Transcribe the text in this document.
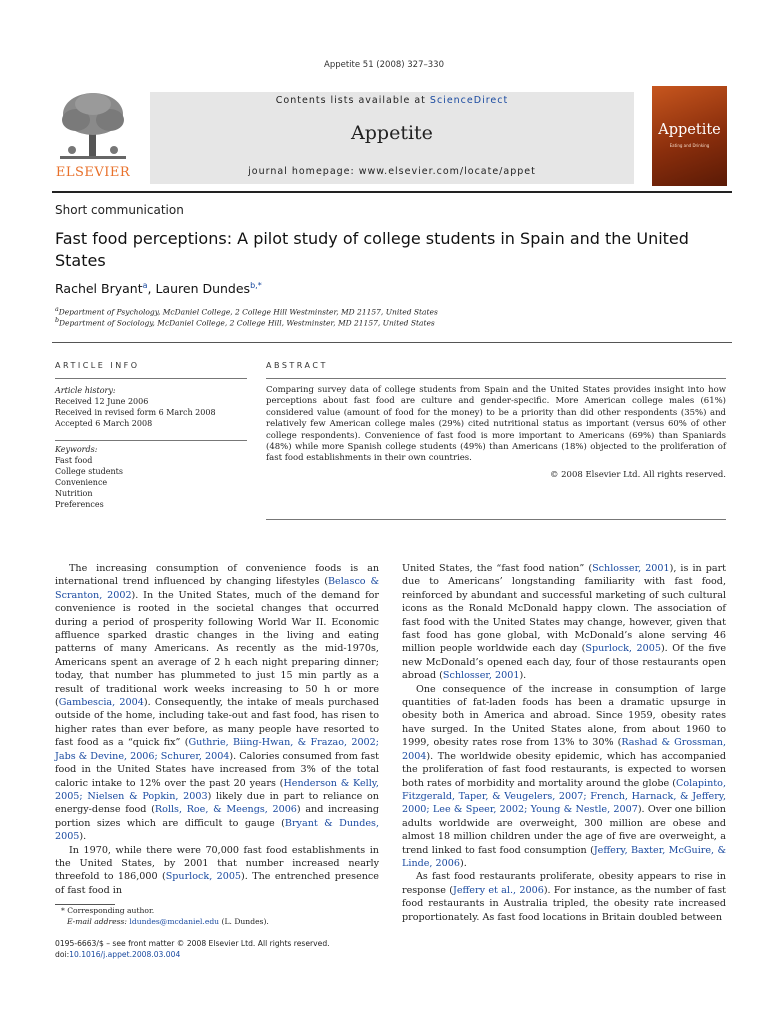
Appetite 51 (2008) 327–330
ELSEVIER
Contents lists available at ScienceDirect
Appetite
journal homepage: www.elsevier.com/locate/appet
Appetite
Eating and Drinking
Short communication
Fast food perceptions: A pilot study of college students in Spain and the United States
Rachel Bryant$^a$, Lauren Dundes$^{b,*}$
$^a$Department of Psychology, McDaniel College, 2 College Hill Westminster, MD 21157, United States
$^b$Department of Sociology, McDaniel College, 2 College Hill, Westminster, MD 21157, United States
ARTICLE INFO
Article history:
Received 12 June 2006
Received in revised form 6 March 2008
Accepted 6 March 2008
Keywords:
Fast food
College students
Convenience
Nutrition
Preferences
ABSTRACT
Comparing survey data of college students from Spain and the United States provides insight into how perceptions about fast food are culture and gender-specific. More American college males (61%) considered value (amount of food for the money) to be a priority than did other respondents (35%) and relatively few American college males (29%) cited nutritional status as important (versus 60% of other college respondents). Convenience of fast food is more important to Americans (69%) than Spaniards (48%) while more Spanish college students (49%) than Americans (18%) objected to the proliferation of fast food establishments in their own countries.
© 2008 Elsevier Ltd. All rights reserved.

The increasing consumption of convenience foods is an international trend influenced by changing lifestyles (Belasco & Scranton, 2002). In the United States, much of the demand for convenience is rooted in the societal changes that occurred during a period of prosperity following World War II. Economic affluence sparked drastic changes in the living and eating patterns of many Americans. As recently as the mid-1970s, Americans spent an average of 2 h each night preparing dinner; today, that number has plummeted to just 15 min partly as a result of traditional work weeks increasing to 50 h or more (Gambescia, 2004). Consequently, the intake of meals purchased outside of the home, including take-out and fast food, has risen to higher rates than ever before, as many people have resorted to fast food as a “quick fix” (Guthrie, Biing-Hwan, & Frazao, 2002; Jabs & Devine, 2006; Schurer, 2004). Calories consumed from fast food in the United States have increased from 3% of the total caloric intake to 12% over the past 20 years (Henderson & Kelly, 2005; Nielsen & Popkin, 2003) likely due in part to reliance on energy-dense food (Rolls, Roe, & Meengs, 2006) and increasing portion sizes which are difficult to gauge (Bryant & Dundes, 2005).

In 1970, while there were 70,000 fast food establishments in the United States, by 2001 that number increased nearly threefold to 186,000 (Spurlock, 2005). The entrenched presence of fast food in

United States, the “fast food nation” (Schlosser, 2001), is in part due to Americans’ longstanding familiarity with fast food, reinforced by abundant and successful marketing of such cultural icons as the Ronald McDonald happy clown. The association of fast food with the United States may change, however, given that fast food has gone global, with McDonald’s alone serving 46 million people worldwide each day (Spurlock, 2005). Of the five new McDonald’s opened each day, four of those restaurants open abroad (Schlosser, 2001).

One consequence of the increase in consumption of large quantities of fat-laden foods has been a dramatic upsurge in obesity both in America and abroad. Since 1959, obesity rates have surged. In the United States alone, from about 1960 to 1999, obesity rates rose from 13% to 30% (Rashad & Grossman, 2004). The worldwide obesity epidemic, which has accompanied the proliferation of fast food restaurants, is expected to worsen both rates of morbidity and mortality around the globe (Colapinto, Fitzgerald, Taper, & Veugelers, 2007; French, Harnack, & Jeffery, 2000; Lee & Speer, 2002; Young & Nestle, 2007). Over one billion adults worldwide are overweight, 300 million are obese and almost 18 million children under the age of five are overweight, a trend linked to fast food consumption (Jeffery, Baxter, McGuire, & Linde, 2006).

As fast food restaurants proliferate, obesity appears to rise in response (Jeffery et al., 2006). For instance, as the number of fast food restaurants in Australia tripled, the obesity rate increased proportionately. As fast food locations in Britain doubled between

* Corresponding author.
E-mail address: ldundes@mcdaniel.edu (L. Dundes).
0195-6663/$ – see front matter © 2008 Elsevier Ltd. All rights reserved.
doi:10.1016/j.appet.2008.03.004
